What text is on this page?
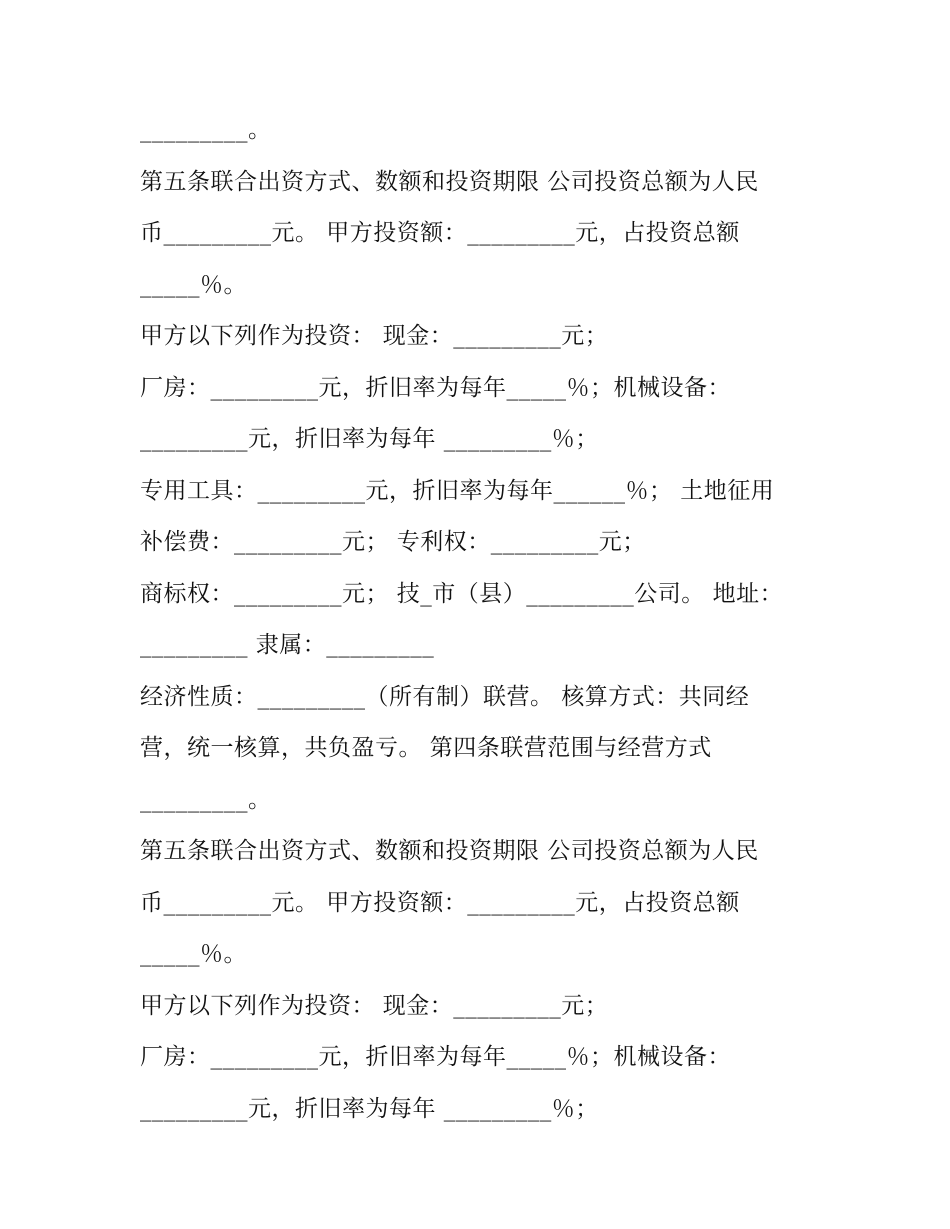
_________。
第五条联合出资方式、数额和投资期限 公司投资总额为人民
币_________元。 甲方投资额：_________元，占投资总额
_____％。
甲方以下列作为投资： 现金：_________元；
厂房：_________元，折旧率为每年_____％；机械设备：
_________元，折旧率为每年 _________％；
专用工具：_________元，折旧率为每年______％； 土地征用
补偿费：_________元； 专利权：_________元；
商标权：_________元； 技_市（县）_________公司。 地址：
_________ 隶属：_________
经济性质：_________（所有制）联营。 核算方式：共同经
营，统一核算，共负盈亏。 第四条联营范围与经营方式
_________。
第五条联合出资方式、数额和投资期限 公司投资总额为人民
币_________元。 甲方投资额：_________元，占投资总额
_____％。
甲方以下列作为投资： 现金：_________元；
厂房：_________元，折旧率为每年_____％；机械设备：
_________元，折旧率为每年 _________％；
